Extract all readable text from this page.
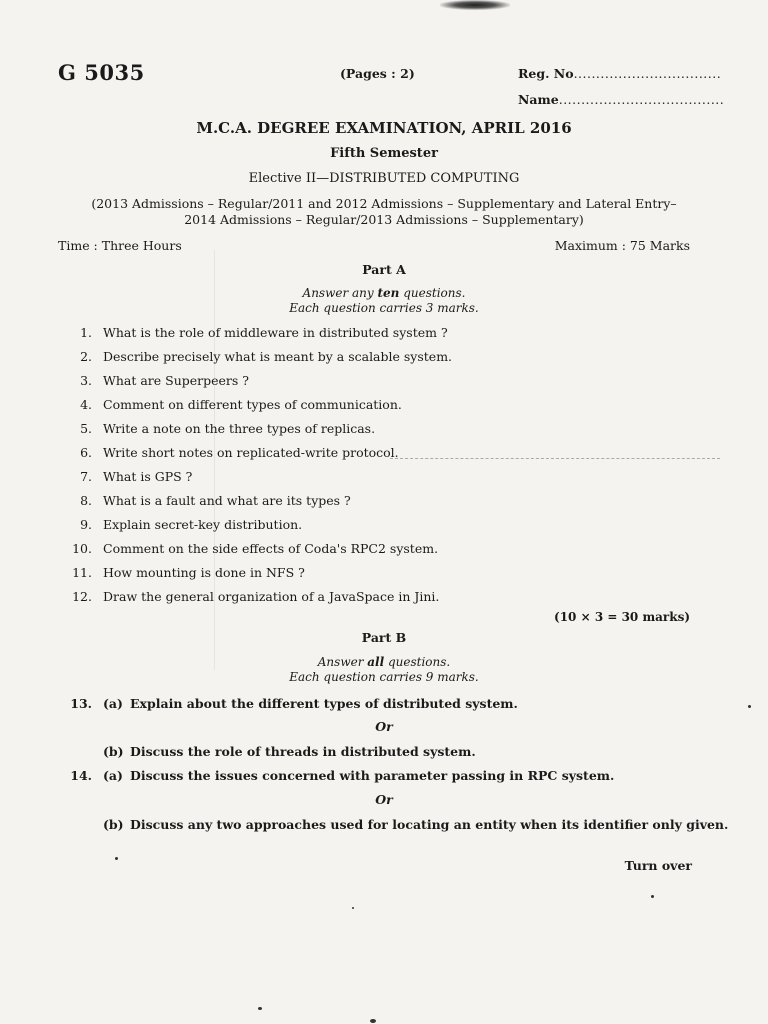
G 5035	(Pages : 2)	Reg. No.................................
Name.....................................
M.C.A. DEGREE EXAMINATION, APRIL 2016
Fifth Semester
Elective II—DISTRIBUTED COMPUTING
(2013 Admissions – Regular/2011 and 2012 Admissions – Supplementary and Lateral Entry–
2014 Admissions – Regular/2013 Admissions – Supplementary)
Time : Three Hours	Maximum : 75 Marks
Part A
Answer any ten questions.
Each question carries 3 marks.
1. What is the role of middleware in distributed system ?
2. Describe precisely what is meant by a scalable system.
3. What are Superpeers ?
4. Comment on different types of communication.
5. Write a note on the three types of replicas.
6. Write short notes on replicated-write protocol.
7. What is GPS ?
8. What is a fault and what are its types ?
9. Explain secret-key distribution.
10. Comment on the side effects of Coda's RPC2 system.
11. How mounting is done in NFS ?
12. Draw the general organization of a JavaSpace in Jini.
(10 × 3 = 30 marks)
Part B
Answer all questions.
Each question carries 9 marks.
13. (a) Explain about the different types of distributed system.
Or
(b) Discuss the role of threads in distributed system.
14. (a) Discuss the issues concerned with parameter passing in RPC system.
Or
(b) Discuss any two approaches used for locating an entity when its identifier only given.
Turn over
